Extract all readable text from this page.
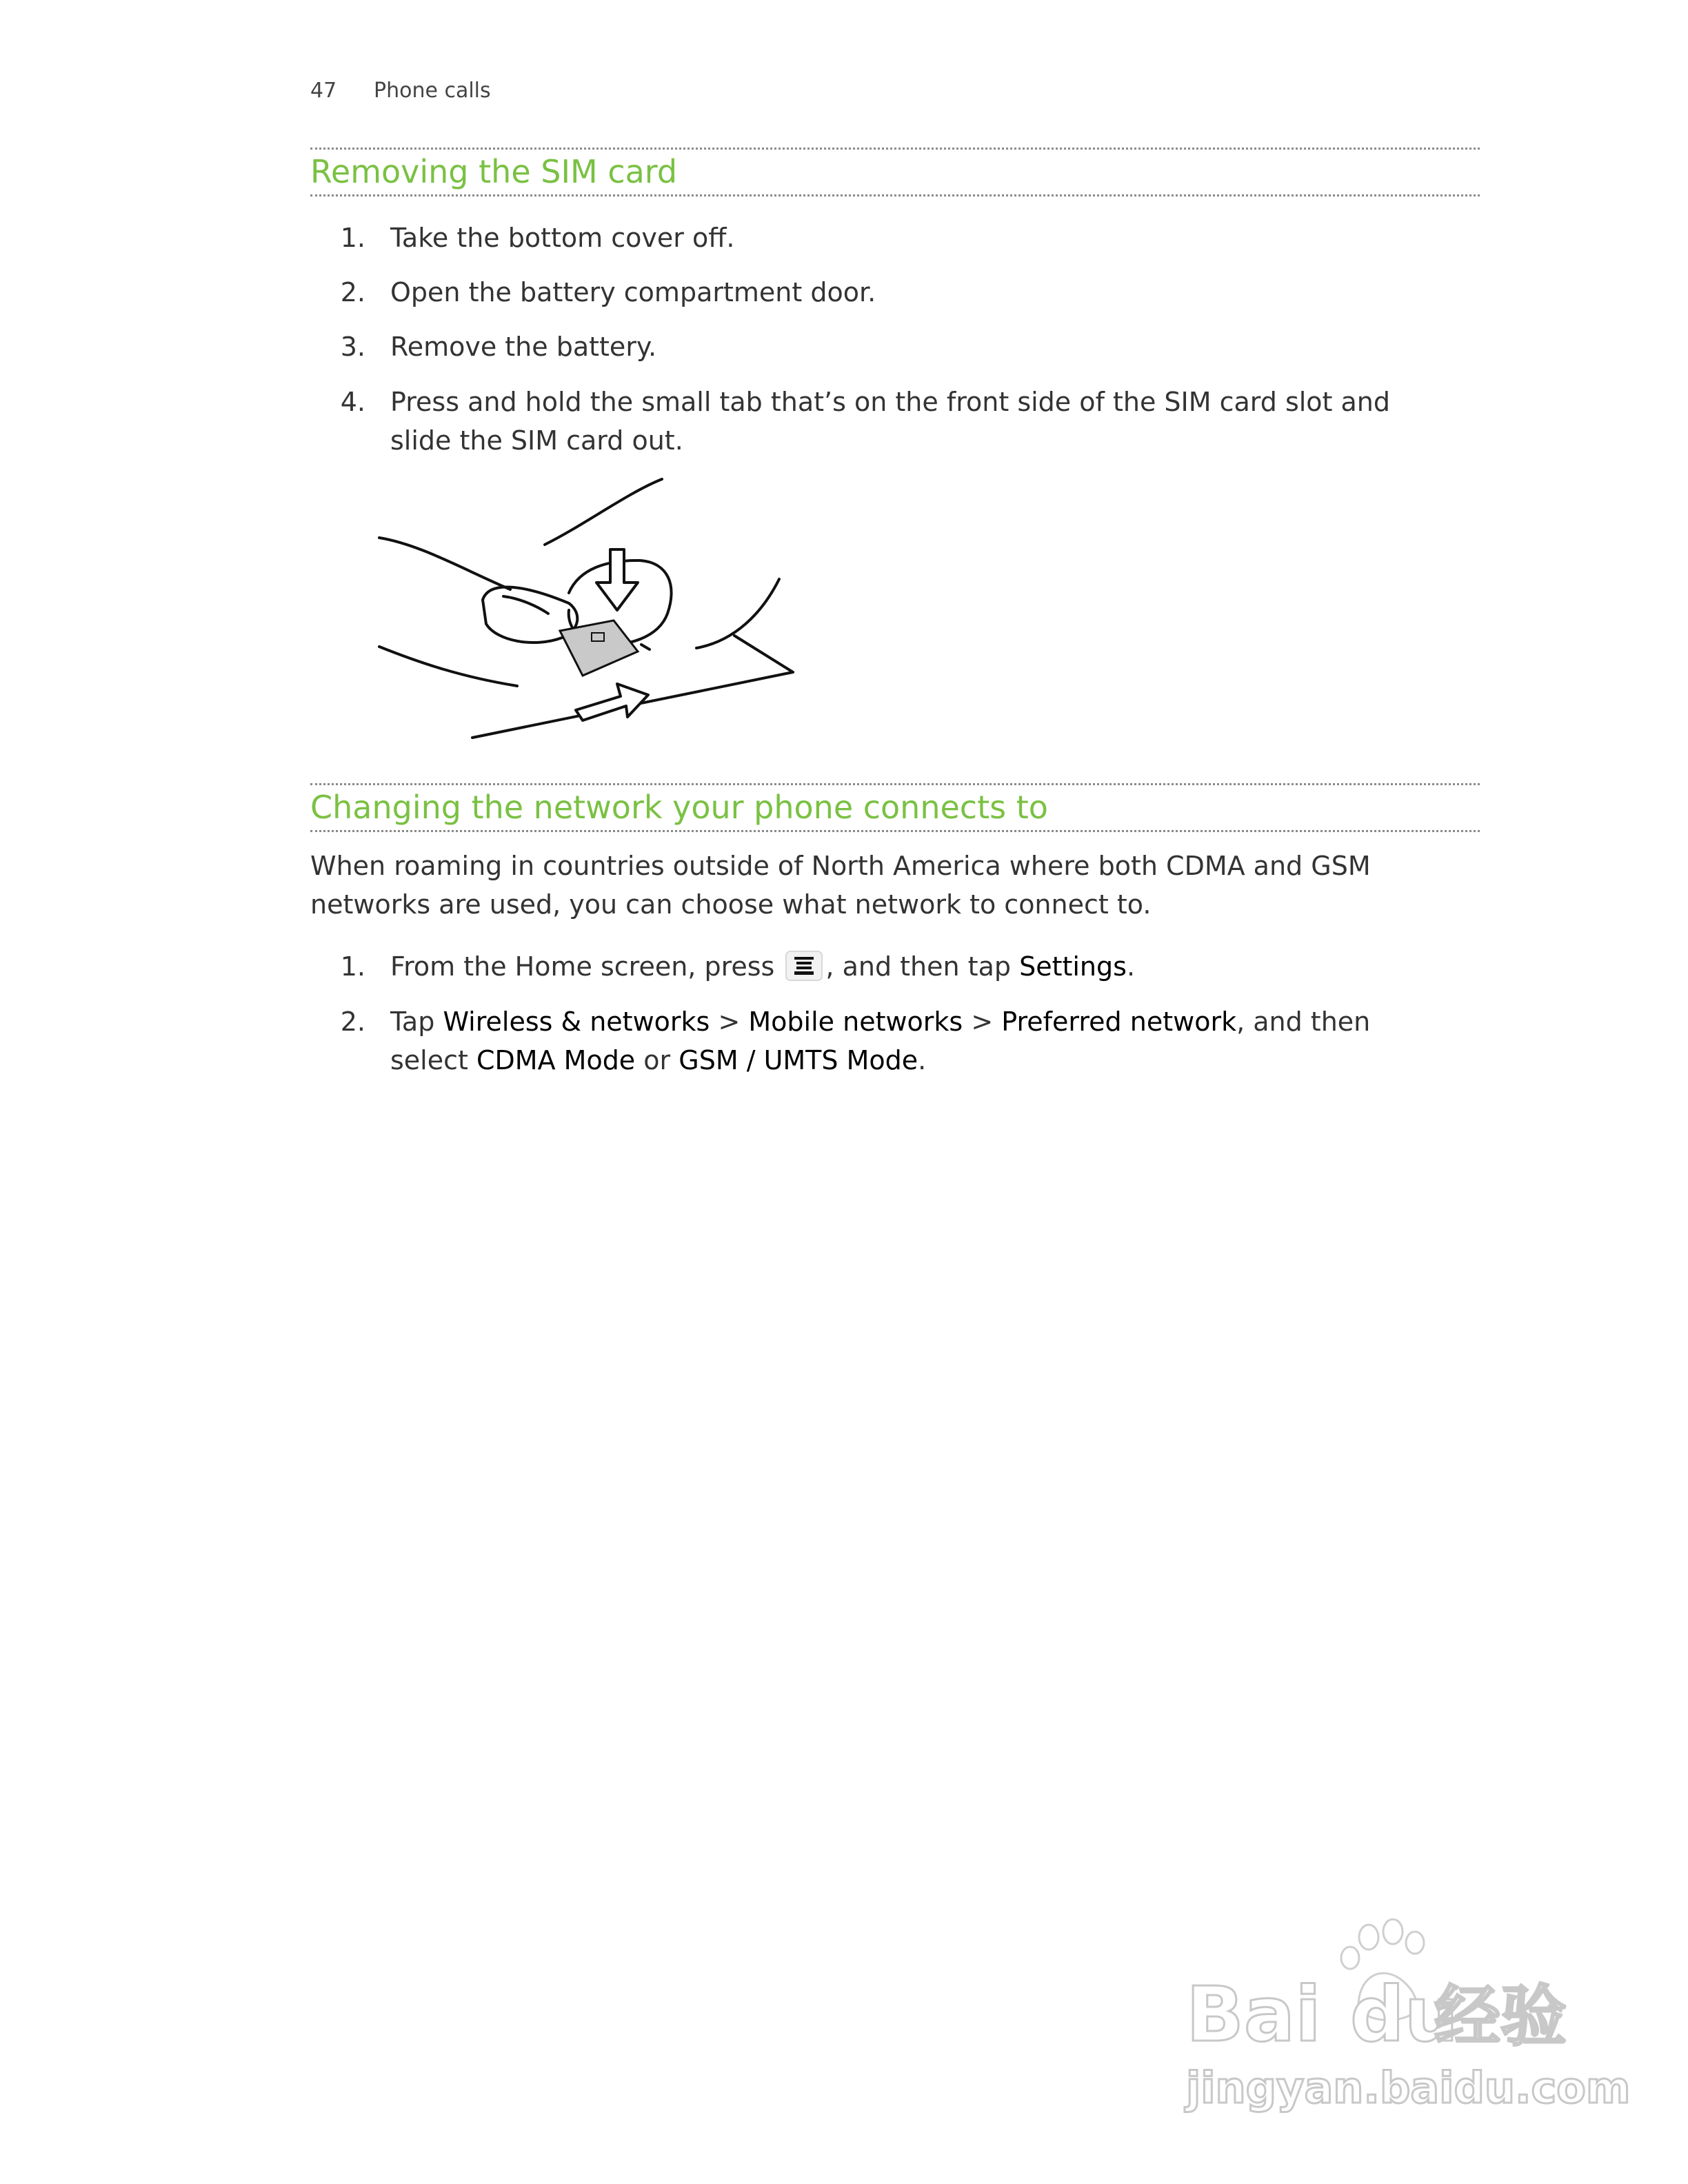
47 Phone calls
Removing the SIM card
1. Take the bottom cover off.
2. Open the battery compartment door.
3. Remove the battery.
4. Press and hold the small tab that’s on the front side of the SIM card slot and
slide the SIM card out.
Changing the network your phone connects to
When roaming in countries outside of North America where both CDMA and GSM
networks are used, you can choose what network to connect to.
1. From the Home screen, press , and then tap Settings.
2. Tap Wireless & networks > Mobile networks > Preferred network, and then
select CDMA Mode or GSM / UMTS Mode.
Bai du
经验
jingyan.baidu.com
